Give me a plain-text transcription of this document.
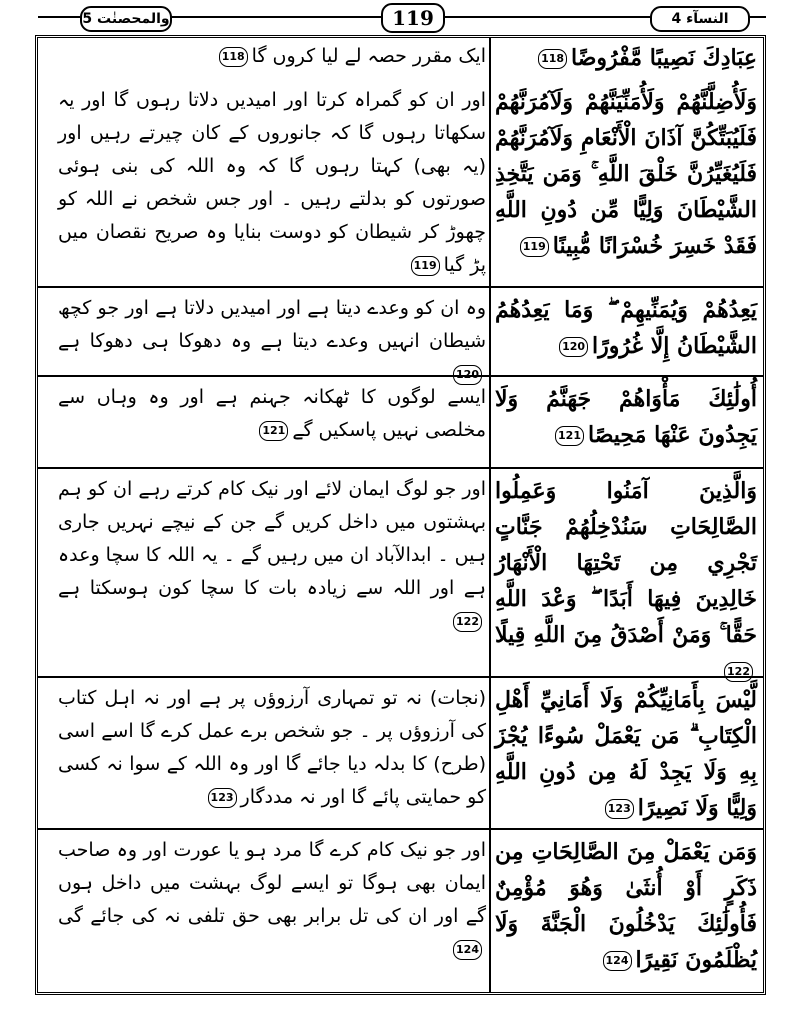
والمحصنٰت 5	119	النسآء 4
عِبَادِكَ نَصِيبًا مَّفْرُوضًا118
ایک مقرر حصہ لے لیا کروں گا118
وَلَأُضِلَّنَّهُمْ وَلَأُمَنِّيَنَّهُمْ وَلَآمُرَنَّهُمْ فَلَيُبَتِّكُنَّ آذَانَ الْأَنْعَامِ وَلَآمُرَنَّهُمْ فَلَيُغَيِّرُنَّ خَلْقَ اللَّهِ ۚ وَمَن يَتَّخِذِ الشَّيْطَانَ وَلِيًّا مِّن دُونِ اللَّهِ فَقَدْ خَسِرَ خُسْرَانًا مُّبِينًا119
اور ان کو گمراہ کرتا اور امیدیں دلاتا رہوں گا اور یہ سکھاتا رہوں گا کہ جانوروں کے کان چیرتے رہیں اور (یہ بھی) کہتا رہوں گا کہ وہ اللہ کی بنی ہوئی صورتوں کو بدلتے رہیں ۔ اور جس شخص نے اللہ کو چھوڑ کر شیطان کو دوست بنایا وہ صریح نقصان میں پڑ گیا119
يَعِدُهُمْ وَيُمَنِّيهِمْ ۖ وَمَا يَعِدُهُمُ الشَّيْطَانُ إِلَّا غُرُورًا120
وہ ان کو وعدے دیتا ہے اور امیدیں دلاتا ہے اور جو کچھ شیطان انہیں وعدے دیتا ہے وہ دھوکا ہی دھوکا ہے120
أُولَٰئِكَ مَأْوَاهُمْ جَهَنَّمُ وَلَا يَجِدُونَ عَنْهَا مَحِيصًا121
ایسے لوگوں کا ٹھکانہ جہنم ہے اور وہ وہاں سے مخلصی نہیں پاسکیں گے121
وَالَّذِينَ آمَنُوا وَعَمِلُوا الصَّالِحَاتِ سَنُدْخِلُهُمْ جَنَّاتٍ تَجْرِي مِن تَحْتِهَا الْأَنْهَارُ خَالِدِينَ فِيهَا أَبَدًا ۖ وَعْدَ اللَّهِ حَقًّا ۚ وَمَنْ أَصْدَقُ مِنَ اللَّهِ قِيلًا122
اور جو لوگ ایمان لائے اور نیک کام کرتے رہے ان کو ہم بہشتوں میں داخل کریں گے جن کے نیچے نہریں جاری ہیں ۔ ابدالآباد ان میں رہیں گے ۔ یہ اللہ کا سچا وعدہ ہے اور اللہ سے زیادہ بات کا سچا کون ہوسکتا ہے122
لَّيْسَ بِأَمَانِيِّكُمْ وَلَا أَمَانِيِّ أَهْلِ الْكِتَابِ ۗ مَن يَعْمَلْ سُوءًا يُجْزَ بِهِ وَلَا يَجِدْ لَهُ مِن دُونِ اللَّهِ وَلِيًّا وَلَا نَصِيرًا123
(نجات) نہ تو تمہاری آرزوؤں پر ہے اور نہ اہل کتاب کی آرزوؤں پر ۔ جو شخص برے عمل کرے گا اسے اسی (طرح) کا بدلہ دیا جائے گا اور وہ اللہ کے سوا نہ کسی کو حمایتی پائے گا اور نہ مددگار123
وَمَن يَعْمَلْ مِنَ الصَّالِحَاتِ مِن ذَكَرٍ أَوْ أُنثَىٰ وَهُوَ مُؤْمِنٌ فَأُولَٰئِكَ يَدْخُلُونَ الْجَنَّةَ وَلَا يُظْلَمُونَ نَقِيرًا124
اور جو نیک کام کرے گا مرد ہو یا عورت اور وہ صاحب ایمان بھی ہوگا تو ایسے لوگ بہشت میں داخل ہوں گے اور ان کی تل برابر بھی حق تلفی نہ کی جائے گی124
